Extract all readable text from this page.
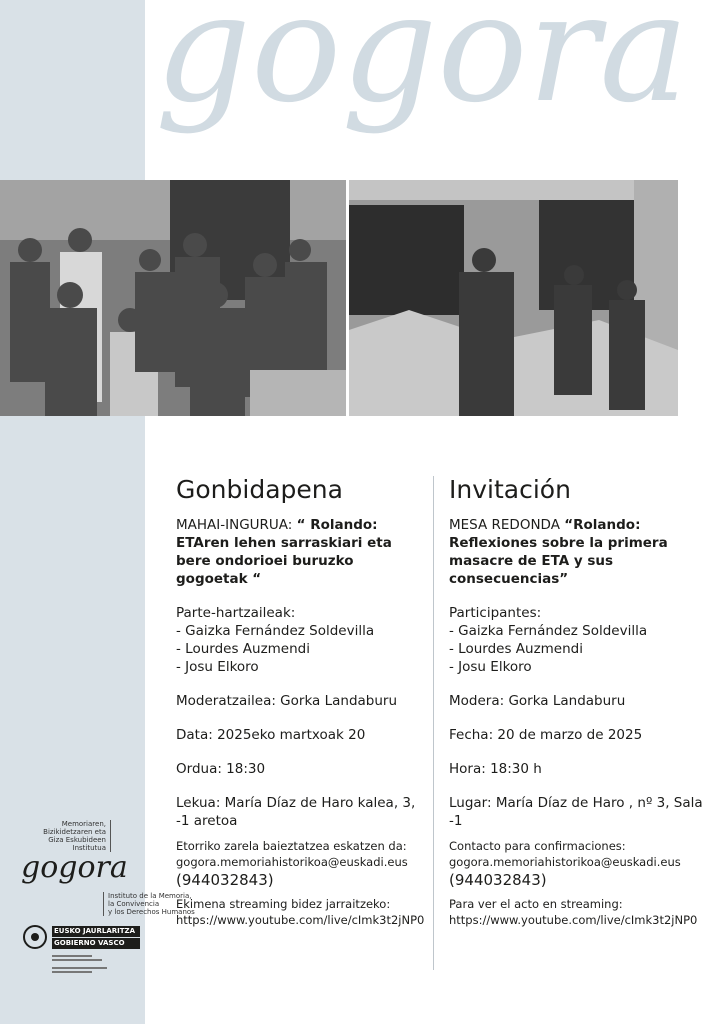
gogora
Gonbidapena

MAHAI-INGURUA: “ Rolando: ETAren lehen sarraskiari eta bere ondorioei buruzko gogoetak “

Parte-hartzaileak:

- Gaizka Fernández Soldevilla

- Lourdes Auzmendi

- Josu Elkoro

Moderatzailea: Gorka Landaburu

Data: 2025eko martxoak 20

Ordua: 18:30

Lekua: María Díaz de Haro kalea, 3, -1 aretoa

Etorriko zarela baieztatzea eskatzen da:

gogora.memoriahistorikoa@euskadi.eus

(944032843)

Ekimena streaming bidez jarraitzeko:

https://www.youtube.com/live/cImk3t2jNP0

Invitación

MESA REDONDA “Rolando: Reflexiones sobre la primera masacre de ETA y sus consecuencias”

Participantes:

- Gaizka Fernández Soldevilla

- Lourdes Auzmendi

- Josu Elkoro

Modera: Gorka Landaburu

Fecha: 20 de marzo de 2025

Hora: 18:30 h

Lugar: María Díaz de Haro , nº 3, Sala -1

Contacto para confirmaciones:

gogora.memoriahistorikoa@euskadi.eus

(944032843)

Para ver el acto en streaming:

https://www.youtube.com/live/cImk3t2jNP0

Memoriaren,
Bizikidetzaren eta
Giza Eskubideen
Institutua
gogora
Instituto de la Memoria,
la Convivencia
y los Derechos Humanos
EUSKO JAURLARITZA
GOBIERNO VASCO
